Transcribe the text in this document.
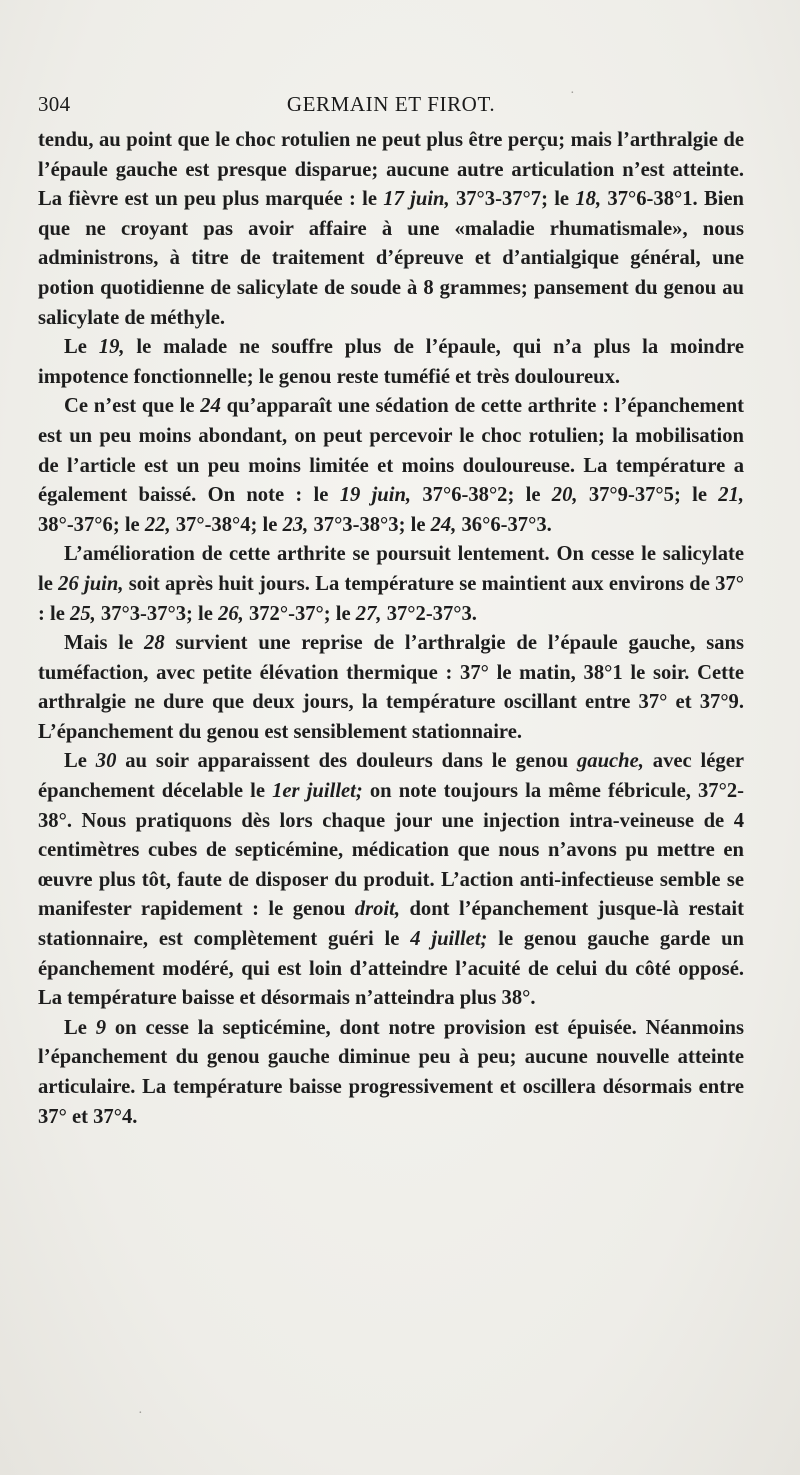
304	GERMAIN ET FIROT.

tendu, au point que le choc rotulien ne peut plus être perçu; mais l’arthralgie de l’épaule gauche est presque disparue; aucune autre articulation n’est atteinte. La fièvre est un peu plus marquée : le 17 juin, 37°3-37°7; le 18, 37°6-38°1. Bien que ne croyant pas avoir affaire à une «maladie rhumatismale», nous administrons, à titre de traitement d’épreuve et d’antialgique général, une potion quotidienne de salicylate de soude à 8 grammes; pansement du genou au salicylate de méthyle.

Le 19, le malade ne souffre plus de l’épaule, qui n’a plus la moindre impotence fonctionnelle; le genou reste tuméfié et très douloureux.

Ce n’est que le 24 qu’apparaît une sédation de cette arthrite : l’épanchement est un peu moins abondant, on peut percevoir le choc rotulien; la mobilisation de l’article est un peu moins limitée et moins douloureuse. La température a également baissé. On note : le 19 juin, 37°6-38°2; le 20, 37°9-37°5; le 21, 38°-37°6; le 22, 37°-38°4; le 23, 37°3-38°3; le 24, 36°6-37°3.

L’amélioration de cette arthrite se poursuit lentement. On cesse le salicylate le 26 juin, soit après huit jours. La température se maintient aux environs de 37° : le 25, 37°3-37°3; le 26, 372°-37°; le 27, 37°2-37°3.

Mais le 28 survient une reprise de l’arthralgie de l’épaule gauche, sans tuméfaction, avec petite élévation thermique : 37° le matin, 38°1 le soir. Cette arthralgie ne dure que deux jours, la température oscillant entre 37° et 37°9. L’épanchement du genou est sensiblement stationnaire.

Le 30 au soir apparaissent des douleurs dans le genou gauche, avec léger épanchement décelable le 1er juillet; on note toujours la même fébricule, 37°2-38°. Nous pratiquons dès lors chaque jour une injection intra-veineuse de 4 centimètres cubes de septicémine, médication que nous n’avons pu mettre en œuvre plus tôt, faute de disposer du produit. L’action anti-infectieuse semble se manifester rapidement : le genou droit, dont l’épanchement jusque-là restait stationnaire, est complètement guéri le 4 juillet; le genou gauche garde un épanchement modéré, qui est loin d’atteindre l’acuité de celui du côté opposé. La température baisse et désormais n’atteindra plus 38°.

Le 9 on cesse la septicémine, dont notre provision est épuisée. Néanmoins l’épanchement du genou gauche diminue peu à peu; aucune nouvelle atteinte articulaire. La température baisse progressivement et oscillera désormais entre 37° et 37°4.

·
·
